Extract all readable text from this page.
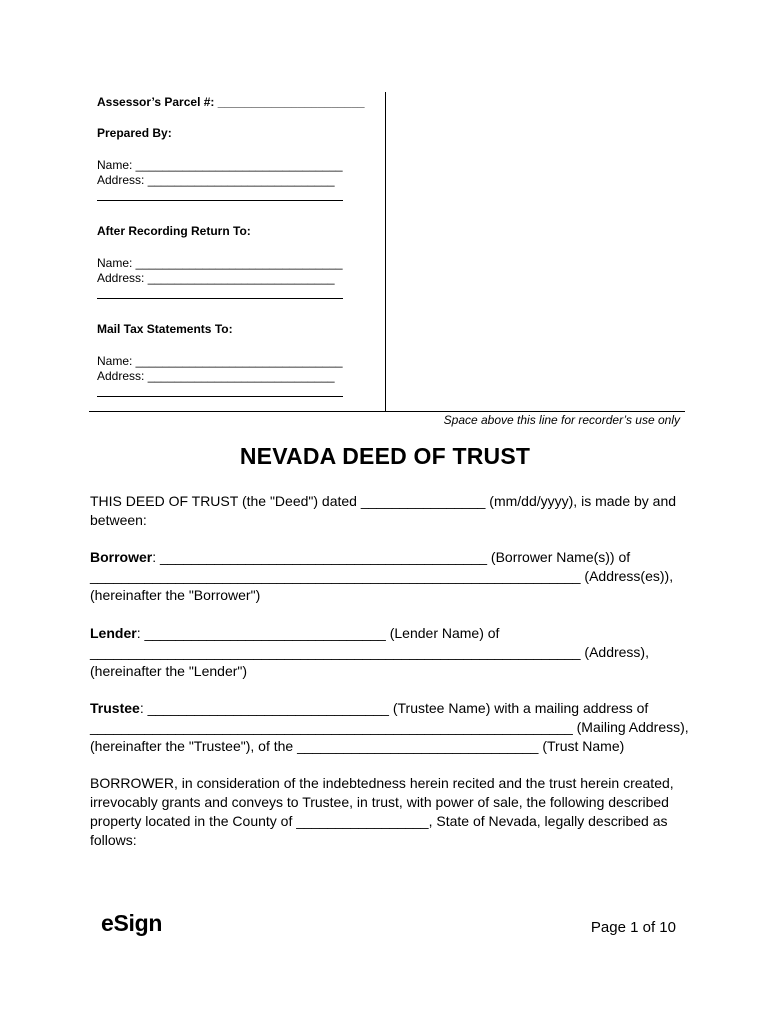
Assessor’s Parcel #: ______________________
Prepared By:
Name: _______________________________
Address: ____________________________
After Recording Return To:
Name: _______________________________
Address: ____________________________
Mail Tax Statements To:
Name: _______________________________
Address: ____________________________
Space above this line for recorder’s use only
NEVADA DEED OF TRUST
THIS DEED OF TRUST (the "Deed") dated ________________ (mm/dd/yyyy), is made by and
between:
Borrower: __________________________________________ (Borrower Name(s)) of
_______________________________________________________________ (Address(es)),
(hereinafter the "Borrower")
Lender: _______________________________ (Lender Name) of
_______________________________________________________________ (Address),
(hereinafter the "Lender")
Trustee: _______________________________ (Trustee Name) with a mailing address of
______________________________________________________________ (Mailing Address),
(hereinafter the "Trustee"), of the _______________________________ (Trust Name)
BORROWER, in consideration of the indebtedness herein recited and the trust herein created,
irrevocably grants and conveys to Trustee, in trust, with power of sale, the following described
property located in the County of _________________, State of Nevada, legally described as
follows:
eSign	Page 1 of 10
